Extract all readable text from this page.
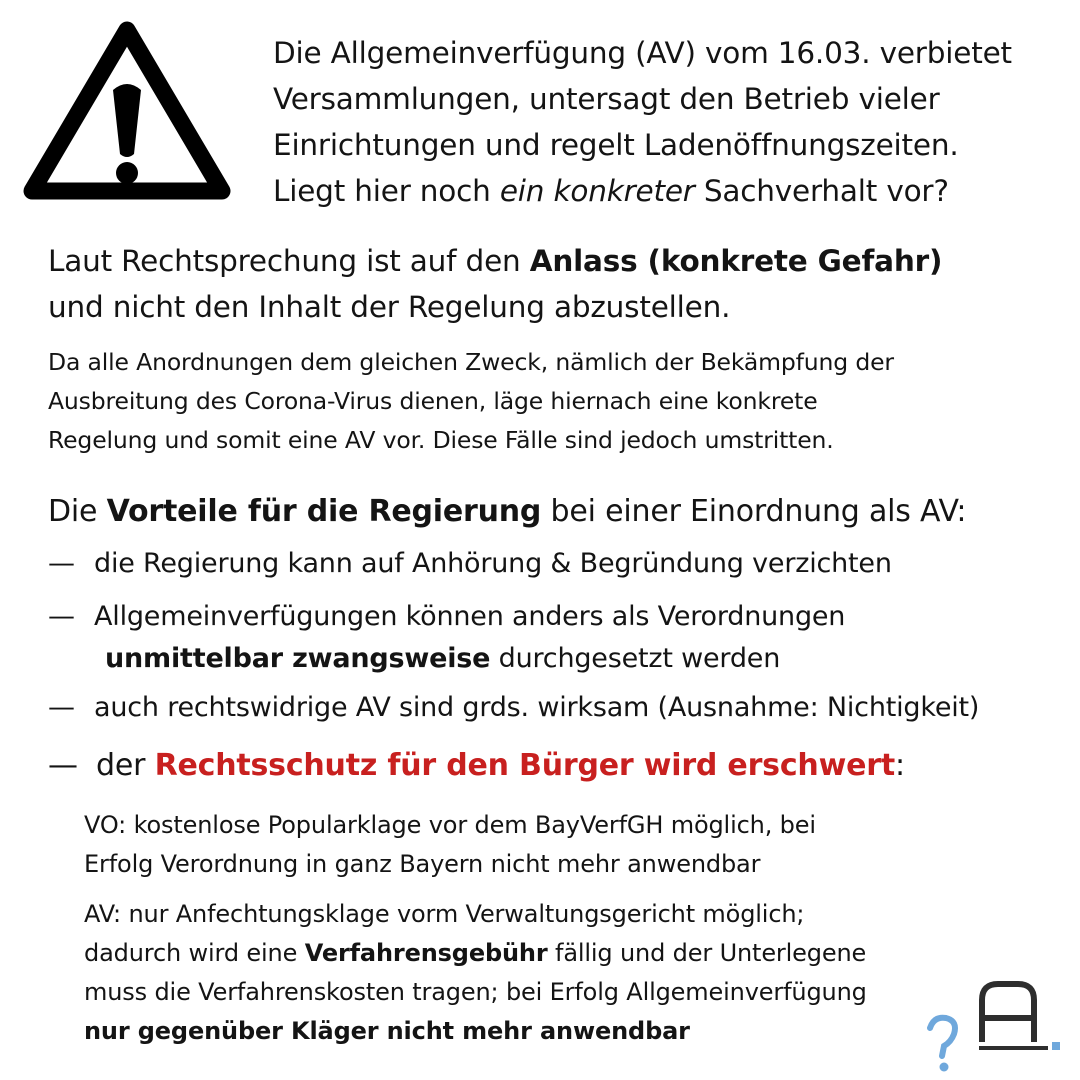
Die Allgemeinverfügung (AV) vom 16.03. verbietet
Versammlungen, untersagt den Betrieb vieler
Einrichtungen und regelt Ladenöffnungszeiten.
Liegt hier noch ein konkreter Sachverhalt vor?
Laut Rechtsprechung ist auf den Anlass (konkrete Gefahr)
und nicht den Inhalt der Regelung abzustellen.
Da alle Anordnungen dem gleichen Zweck, nämlich der Bekämpfung der
Ausbreitung des Corona-Virus dienen, läge hiernach eine konkrete
Regelung und somit eine AV vor. Diese Fälle sind jedoch umstritten.
Die Vorteile für die Regierung bei einer Einordnung als AV:
— die Regierung kann auf Anhörung & Begründung verzichten
— Allgemeinverfügungen können anders als Verordnungen
unmittelbar zwangsweise durchgesetzt werden
— auch rechtswidrige AV sind grds. wirksam (Ausnahme: Nichtigkeit)
— der Rechtsschutz für den Bürger wird erschwert:
VO: kostenlose Popularklage vor dem BayVerfGH möglich, bei
Erfolg Verordnung in ganz Bayern nicht mehr anwendbar
AV: nur Anfechtungsklage vorm Verwaltungsgericht möglich;
dadurch wird eine Verfahrensgebühr fällig und der Unterlegene
muss die Verfahrenskosten tragen; bei Erfolg Allgemeinverfügung
nur gegenüber Kläger nicht mehr anwendbar
